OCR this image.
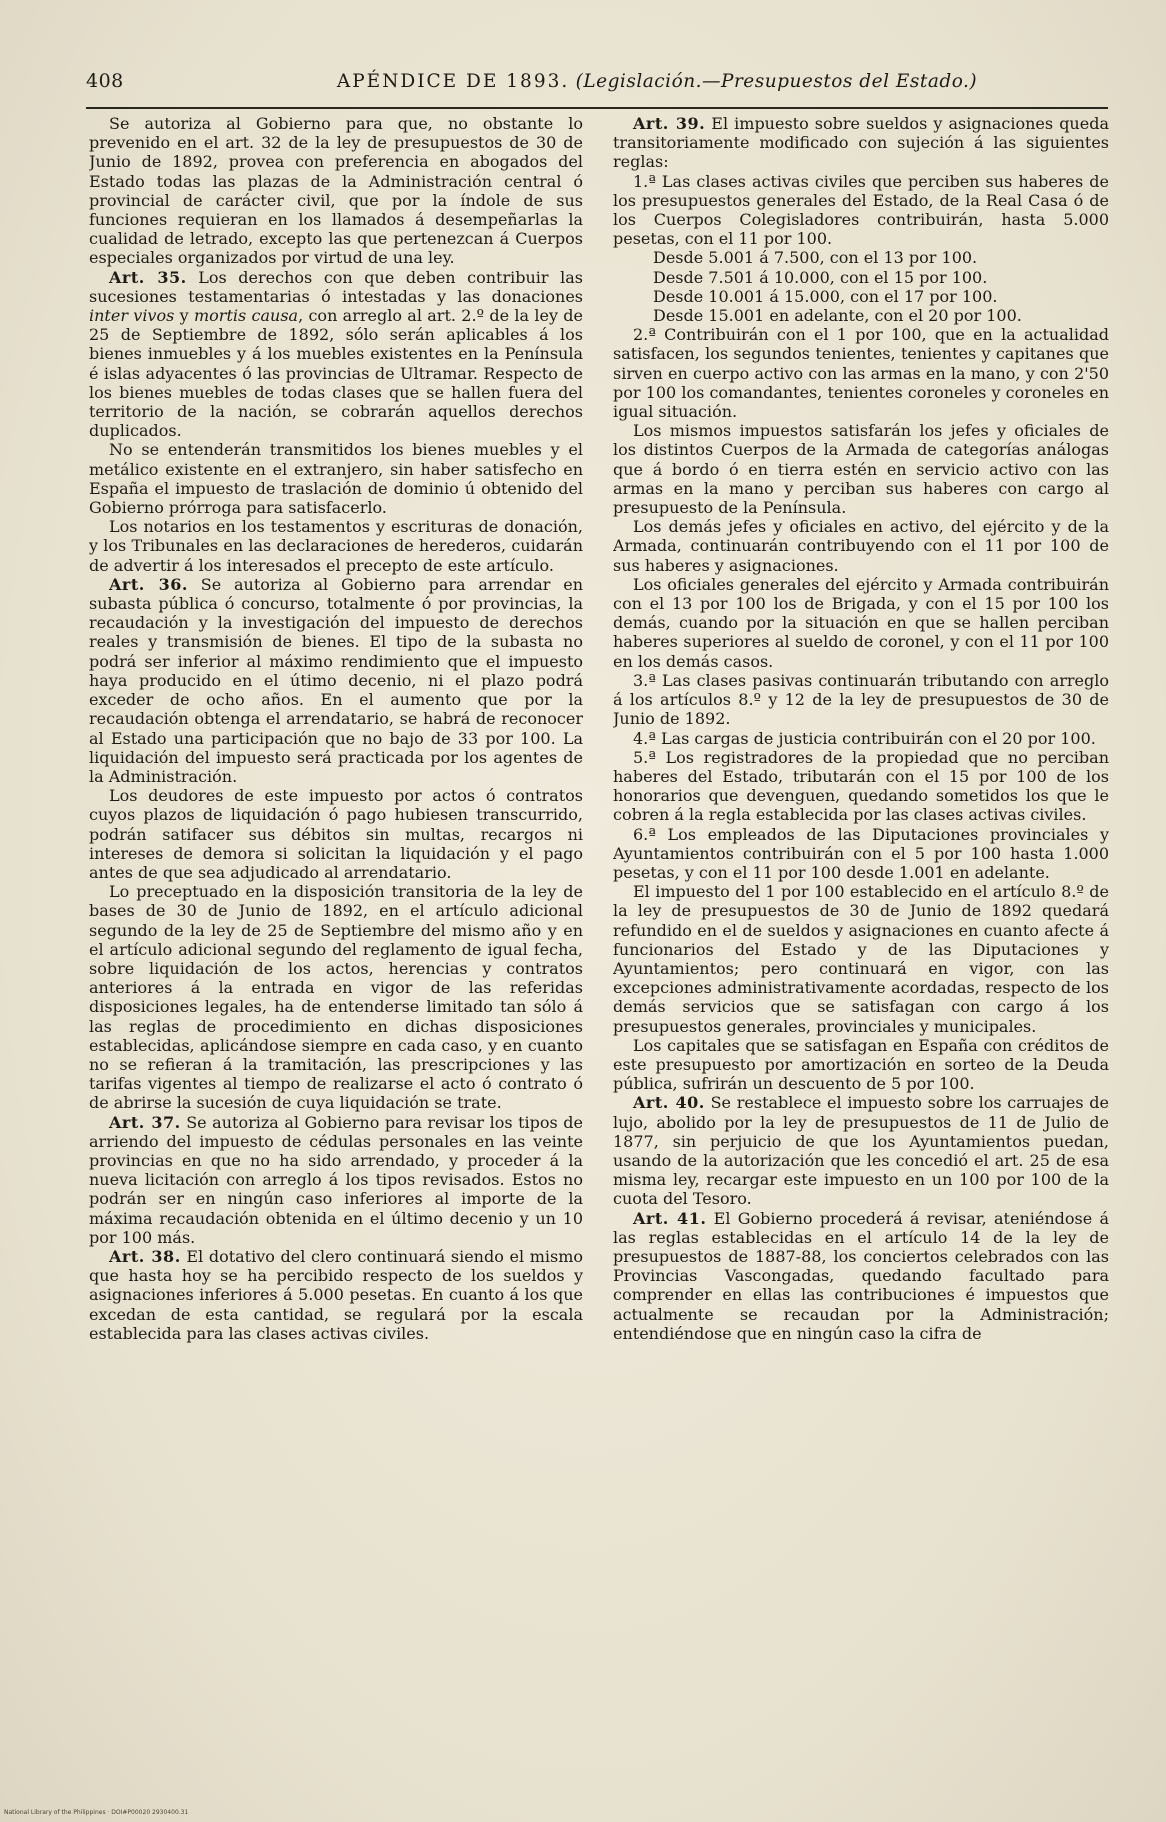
408	APÉNDICE DE 1893. (Legislación.—Presupuestos del Estado.)

Se autoriza al Gobierno para que, no obstante lo prevenido en el art. 32 de la ley de presupuestos de 30 de Junio de 1892, provea con preferencia en abogados del Estado todas las plazas de la Administración central ó provincial de carácter civil, que por la índole de sus funciones requieran en los llamados á desempeñarlas la cualidad de letrado, excepto las que pertenezcan á Cuerpos especiales organizados por virtud de una ley.

Art. 35. Los derechos con que deben contribuir las sucesiones testamentarias ó intestadas y las donaciones inter vivos y mortis causa, con arreglo al art. 2.º de la ley de 25 de Septiembre de 1892, sólo serán aplicables á los bienes inmuebles y á los muebles existentes en la Península é islas adyacentes ó las provincias de Ultramar. Respecto de los bienes muebles de todas clases que se hallen fuera del territorio de la nación, se cobrarán aquellos derechos duplicados.

No se entenderán transmitidos los bienes muebles y el metálico existente en el extranjero, sin haber satisfecho en España el impuesto de traslación de dominio ú obtenido del Gobierno prórroga para satisfacerlo.

Los notarios en los testamentos y escrituras de donación, y los Tribunales en las declaraciones de herederos, cuidarán de advertir á los interesados el precepto de este artículo.

Art. 36. Se autoriza al Gobierno para arrendar en subasta pública ó concurso, totalmente ó por provincias, la recaudación y la investigación del impuesto de derechos reales y transmisión de bienes. El tipo de la subasta no podrá ser inferior al máximo rendimiento que el impuesto haya producido en el útimo decenio, ni el plazo podrá exceder de ocho años. En el aumento que por la recaudación obtenga el arrendatario, se habrá de reconocer al Estado una participación que no bajo de 33 por 100. La liquidación del impuesto será practicada por los agentes de la Administración.

Los deudores de este impuesto por actos ó contratos cuyos plazos de liquidación ó pago hubiesen transcurrido, podrán satifacer sus débitos sin multas, recargos ni intereses de demora si solicitan la liquidación y el pago antes de que sea adjudicado al arrendatario.

Lo preceptuado en la disposición transitoria de la ley de bases de 30 de Junio de 1892, en el artículo adicional segundo de la ley de 25 de Septiembre del mismo año y en el artículo adicional segundo del reglamento de igual fecha, sobre liquidación de los actos, herencias y contratos anteriores á la entrada en vigor de las referidas disposiciones legales, ha de entenderse limitado tan sólo á las reglas de procedimiento en dichas disposiciones establecidas, aplicándose siempre en cada caso, y en cuanto no se refieran á la tramitación, las prescripciones y las tarifas vigentes al tiempo de realizarse el acto ó contrato ó de abrirse la sucesión de cuya liquidación se trate.

Art. 37. Se autoriza al Gobierno para revisar los tipos de arriendo del impuesto de cédulas personales en las veinte provincias en que no ha sido arrendado, y proceder á la nueva licitación con arreglo á los tipos revisados. Estos no podrán ser en ningún caso inferiores al importe de la máxima recaudación obtenida en el último decenio y un 10 por 100 más.

Art. 38. El dotativo del clero continuará siendo el mismo que hasta hoy se ha percibido respecto de los sueldos y asignaciones inferiores á 5.000 pesetas. En cuanto á los que excedan de esta cantidad, se regulará por la escala establecida para las clases activas civiles.

Art. 39. El impuesto sobre sueldos y asignaciones queda transitoriamente modificado con sujeción á las siguientes reglas:

1.ª Las clases activas civiles que perciben sus haberes de los presupuestos generales del Estado, de la Real Casa ó de los Cuerpos Colegisladores contribuirán, hasta 5.000 pesetas, con el 11 por 100.

Desde 5.001 á 7.500, con el 13 por 100.

Desde 7.501 á 10.000, con el 15 por 100.

Desde 10.001 á 15.000, con el 17 por 100.

Desde 15.001 en adelante, con el 20 por 100.

2.ª Contribuirán con el 1 por 100, que en la actualidad satisfacen, los segundos tenientes, tenientes y capitanes que sirven en cuerpo activo con las armas en la mano, y con 2'50 por 100 los comandantes, tenientes coroneles y coroneles en igual situación.

Los mismos impuestos satisfarán los jefes y oficiales de los distintos Cuerpos de la Armada de categorías análogas que á bordo ó en tierra estén en servicio activo con las armas en la mano y perciban sus haberes con cargo al presupuesto de la Península.

Los demás jefes y oficiales en activo, del ejército y de la Armada, continuarán contribuyendo con el 11 por 100 de sus haberes y asignaciones.

Los oficiales generales del ejército y Armada contribuirán con el 13 por 100 los de Brigada, y con el 15 por 100 los demás, cuando por la situación en que se hallen perciban haberes superiores al sueldo de coronel, y con el 11 por 100 en los demás casos.

3.ª Las clases pasivas continuarán tributando con arreglo á los artículos 8.º y 12 de la ley de presupuestos de 30 de Junio de 1892.

4.ª Las cargas de justicia contribuirán con el 20 por 100.

5.ª Los registradores de la propiedad que no perciban haberes del Estado, tributarán con el 15 por 100 de los honorarios que devenguen, quedando sometidos los que le cobren á la regla establecida por las clases activas civiles.

6.ª Los empleados de las Diputaciones provinciales y Ayuntamientos contribuirán con el 5 por 100 hasta 1.000 pesetas, y con el 11 por 100 desde 1.001 en adelante.

El impuesto del 1 por 100 establecido en el artículo 8.º de la ley de presupuestos de 30 de Junio de 1892 quedará refundido en el de sueldos y asignaciones en cuanto afecte á funcionarios del Estado y de las Diputaciones y Ayuntamientos; pero continuará en vigor, con las excepciones administrativamente acordadas, respecto de los demás servicios que se satisfagan con cargo á los presupuestos generales, provinciales y municipales.

Los capitales que se satisfagan en España con créditos de este presupuesto por amortización en sorteo de la Deuda pública, sufrirán un descuento de 5 por 100.

Art. 40. Se restablece el impuesto sobre los carruajes de lujo, abolido por la ley de presupuestos de 11 de Julio de 1877, sin perjuicio de que los Ayuntamientos puedan, usando de la autorización que les concedió el art. 25 de esa misma ley, recargar este impuesto en un 100 por 100 de la cuota del Tesoro.

Art. 41. El Gobierno procederá á revisar, ateniéndose á las reglas establecidas en el artículo 14 de la ley de presupuestos de 1887-88, los conciertos celebrados con las Provincias Vascongadas, quedando facultado para comprender en ellas las contribuciones é impuestos que actualmente se recaudan por la Administración; entendiéndose que en ningún caso la cifra de

National Library of the Philippines · DOI#P00020 2930400.31
